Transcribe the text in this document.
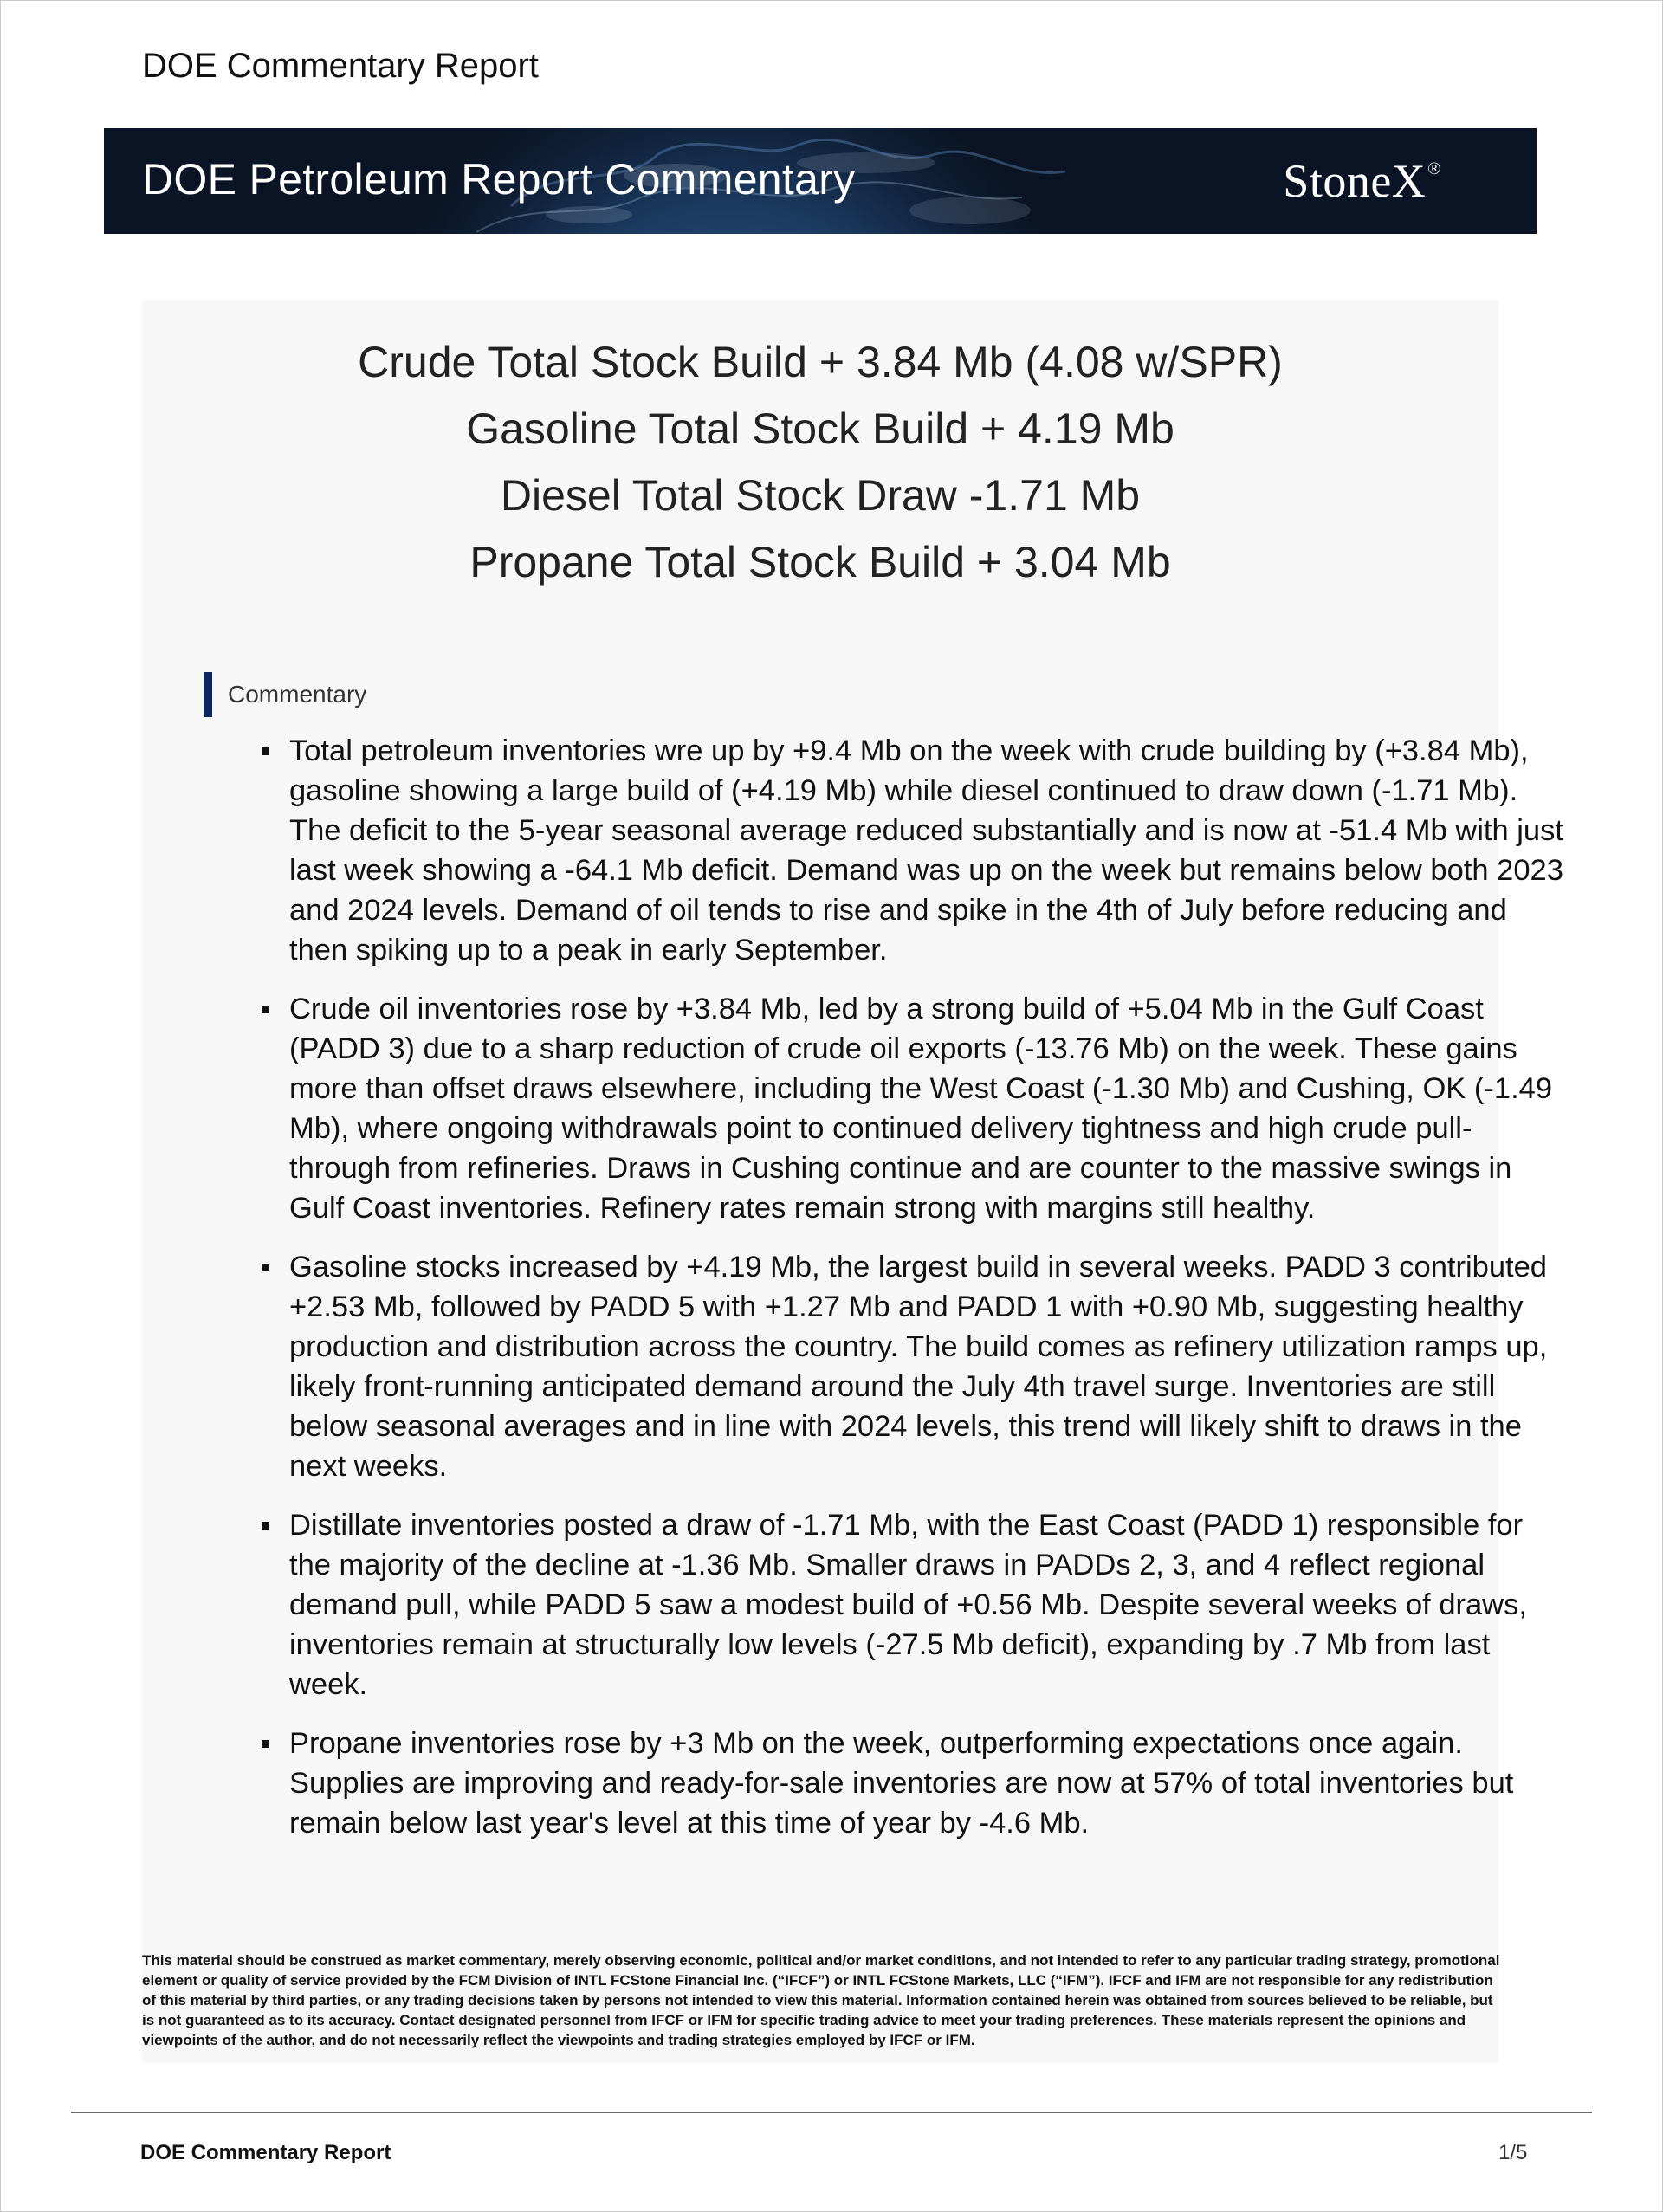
DOE Commentary Report
DOE Petroleum Report Commentary	StoneX ®
Crude Total Stock Build + 3.84 Mb (4.08 w/SPR)
Gasoline Total Stock Build + 4.19 Mb
Diesel Total Stock Draw -1.71 Mb
Propane Total Stock Build + 3.04 Mb
Commentary
Total petroleum inventories wre up by +9.4 Mb on the week with crude building by (+3.84 Mb), gasoline showing a large build of (+4.19 Mb) while diesel continued to draw down (-1.71 Mb). The deficit to the 5-year seasonal average reduced substantially and is now at -51.4 Mb with just last week showing a -64.1 Mb deficit. Demand was up on the week but remains below both 2023 and 2024 levels. Demand of oil tends to rise and spike in the 4th of July before reducing and then spiking up to a peak in early September.
Crude oil inventories rose by +3.84 Mb, led by a strong build of +5.04 Mb in the Gulf Coast (PADD 3) due to a sharp reduction of crude oil exports (-13.76 Mb) on the week. These gains more than offset draws elsewhere, including the West Coast (-1.30 Mb) and Cushing, OK (-1.49 Mb), where ongoing withdrawals point to continued delivery tightness and high crude pull-through from refineries. Draws in Cushing continue and are counter to the massive swings in Gulf Coast inventories. Refinery rates remain strong with margins still healthy.
Gasoline stocks increased by +4.19 Mb, the largest build in several weeks. PADD 3 contributed +2.53 Mb, followed by PADD 5 with +1.27 Mb and PADD 1 with +0.90 Mb, suggesting healthy production and distribution across the country. The build comes as refinery utilization ramps up, likely front-running anticipated demand around the July 4th travel surge. Inventories are still below seasonal averages and in line with 2024 levels, this trend will likely shift to draws in the next weeks.
Distillate inventories posted a draw of -1.71 Mb, with the East Coast (PADD 1) responsible for the majority of the decline at -1.36 Mb. Smaller draws in PADDs 2, 3, and 4 reflect regional demand pull, while PADD 5 saw a modest build of +0.56 Mb. Despite several weeks of draws, inventories remain at structurally low levels (-27.5 Mb deficit), expanding by .7 Mb from last week.
Propane inventories rose by +3 Mb on the week, outperforming expectations once again. Supplies are improving and ready-for-sale inventories are now at 57% of total inventories but remain below last year's level at this time of year by -4.6 Mb.
This material should be construed as market commentary, merely observing economic, political and/or market conditions, and not intended to refer to any particular trading strategy, promotional element or quality of service provided by the FCM Division of INTL FCStone Financial Inc. (“IFCF”) or INTL FCStone Markets, LLC (“IFM”). IFCF and IFM are not responsible for any redistribution of this material by third parties, or any trading decisions taken by persons not intended to view this material. Information contained herein was obtained from sources believed to be reliable, but is not guaranteed as to its accuracy. Contact designated personnel from IFCF or IFM for specific trading advice to meet your trading preferences. These materials represent the opinions and viewpoints of the author, and do not necessarily reflect the viewpoints and trading strategies employed by IFCF or IFM.
DOE Commentary Report	1/5
